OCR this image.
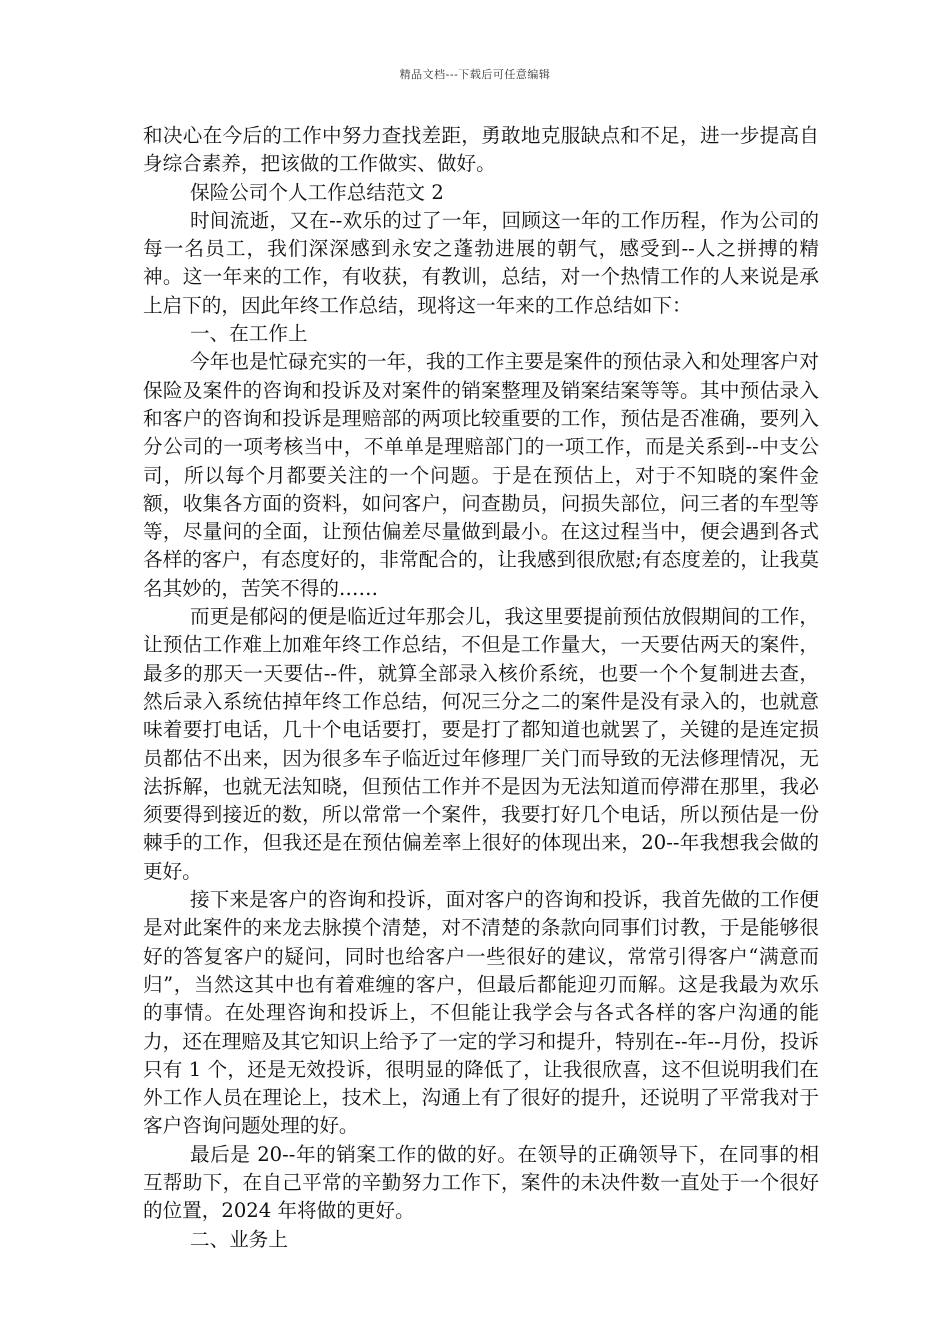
精品文档---下载后可任意编辑

和决心在今后的工作中努力查找差距，勇敢地克服缺点和不足，进一步提高自身综合素养，把该做的工作做实、做好。

保险公司个人工作总结范文 2

时间流逝，又在--欢乐的过了一年，回顾这一年的工作历程，作为公司的每一名员工，我们深深感到永安之蓬勃进展的朝气，感受到--人之拼搏的精神。这一年来的工作，有收获，有教训，总结，对一个热情工作的人来说是承上启下的，因此年终工作总结，现将这一年来的工作总结如下：

一、在工作上

今年也是忙碌充实的一年，我的工作主要是案件的预估录入和处理客户对保险及案件的咨询和投诉及对案件的销案整理及销案结案等等。其中预估录入和客户的咨询和投诉是理赔部的两项比较重要的工作，预估是否准确，要列入分公司的一项考核当中，不单单是理赔部门的一项工作，而是关系到--中支公司，所以每个月都要关注的一个问题。于是在预估上，对于不知晓的案件金额，收集各方面的资料，如问客户，问查勘员，问损失部位，问三者的车型等等，尽量问的全面，让预估偏差尽量做到最小。在这过程当中，便会遇到各式各样的客户，有态度好的，非常配合的，让我感到很欣慰;有态度差的，让我莫名其妙的，苦笑不得的……

而更是郁闷的便是临近过年那会儿，我这里要提前预估放假期间的工作，让预估工作难上加难年终工作总结，不但是工作量大，一天要估两天的案件，最多的那天一天要估--件，就算全部录入核价系统，也要一个个复制进去查，然后录入系统估掉年终工作总结，何况三分之二的案件是没有录入的，也就意味着要打电话，几十个电话要打，要是打了都知道也就罢了，关键的是连定损员都估不出来，因为很多车子临近过年修理厂关门而导致的无法修理情况，无法拆解，也就无法知晓，但预估工作并不是因为无法知道而停滞在那里，我必须要得到接近的数，所以常常一个案件，我要打好几个电话，所以预估是一份棘手的工作，但我还是在预估偏差率上很好的体现出来，20--年我想我会做的更好。

接下来是客户的咨询和投诉，面对客户的咨询和投诉，我首先做的工作便是对此案件的来龙去脉摸个清楚，对不清楚的条款向同事们讨教，于是能够很好的答复客户的疑问，同时也给客户一些很好的建议，常常引得客户“满意而归”，当然这其中也有着难缠的客户，但最后都能迎刃而解。这是我最为欢乐的事情。在处理咨询和投诉上，不但能让我学会与各式各样的客户沟通的能力，还在理赔及其它知识上给予了一定的学习和提升，特别在--年--月份，投诉只有 1 个，还是无效投诉，很明显的降低了，让我很欣喜，这不但说明我们在外工作人员在理论上，技术上，沟通上有了很好的提升，还说明了平常我对于客户咨询问题处理的好。

最后是 20--年的销案工作的做的好。在领导的正确领导下，在同事的相互帮助下，在自己平常的辛勤努力工作下，案件的未决件数一直处于一个很好的位置，2024 年将做的更好。

二、业务上
